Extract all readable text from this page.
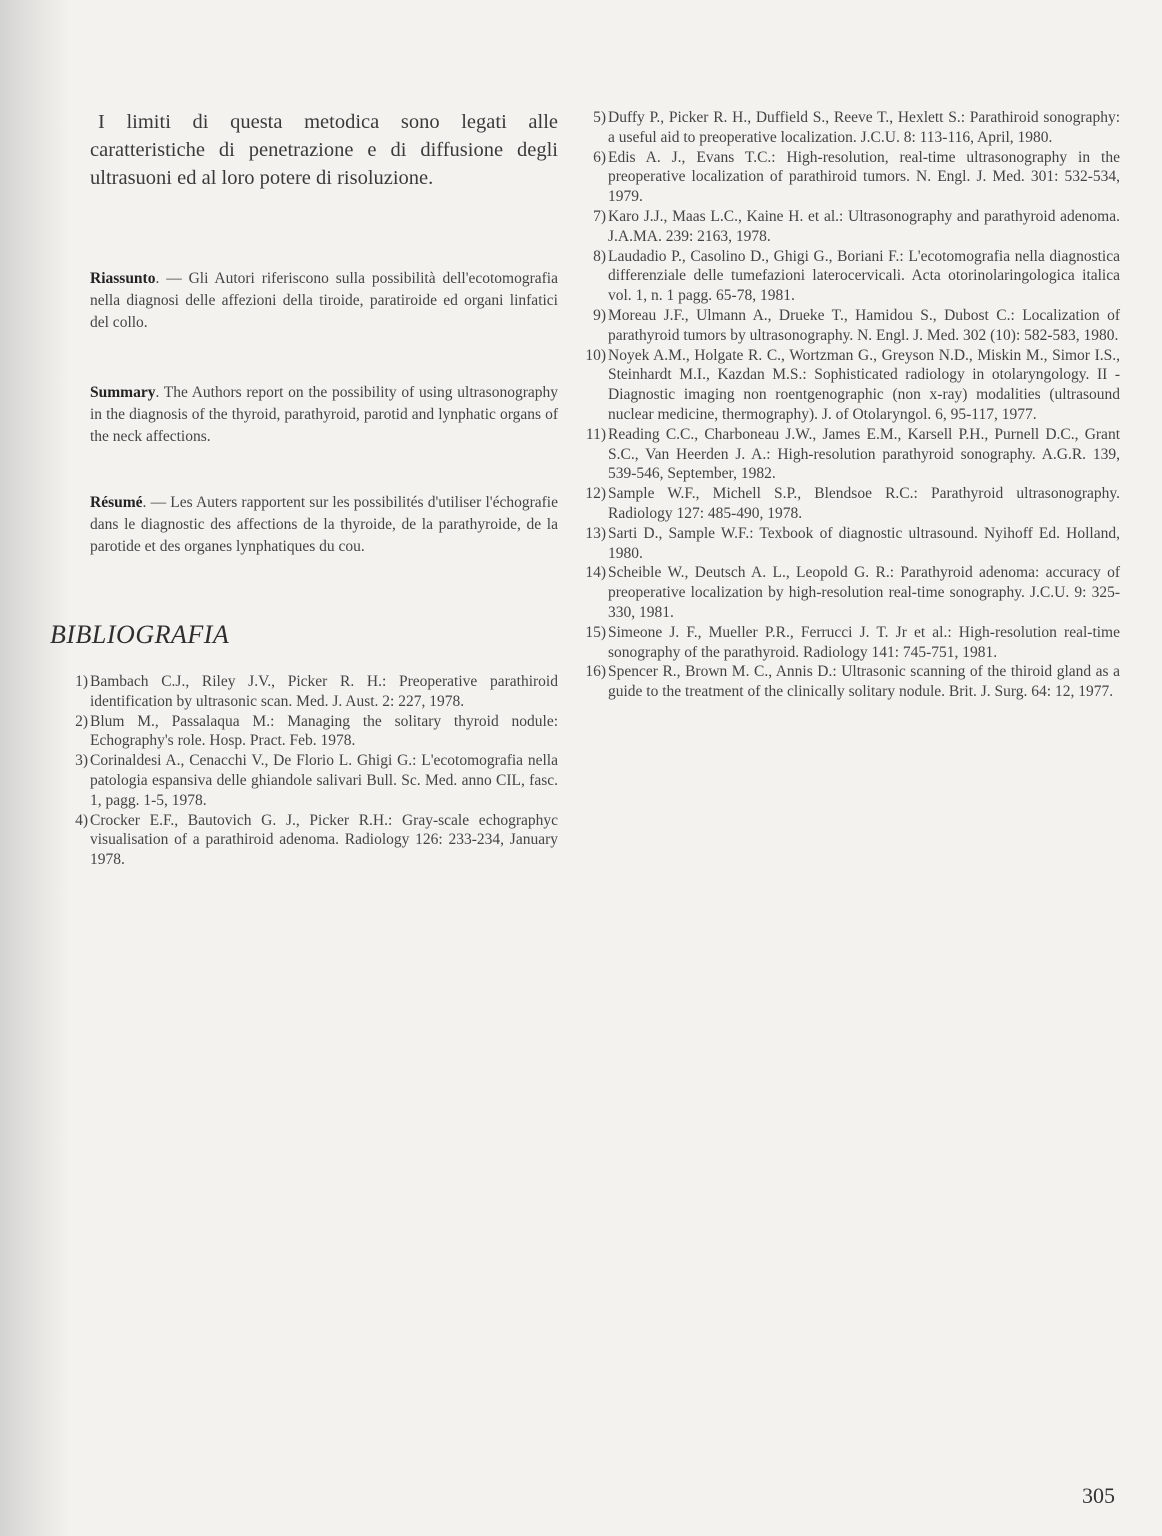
I limiti di questa metodica sono legati alle caratteristiche di penetrazione e di diffusione degli ultrasuoni ed al loro potere di risoluzione.

Riassunto. — Gli Autori riferiscono sulla possibilità dell'ecotomografia nella diagnosi delle affezioni della tiroide, paratiroide ed organi linfatici del collo.

Summary. The Authors report on the possibility of using ultrasonography in the diagnosis of the thyroid, parathyroid, parotid and lynphatic organs of the neck affections.

Résumé. — Les Auters rapportent sur les possibilités d'utiliser l'échografie dans le diagnostic des affections de la thyroide, de la parathyroide, de la parotide et des organes lynphatiques du cou.

BIBLIOGRAFIA
1) Bambach C.J., Riley J.V., Picker R. H.: Preoperative parathiroid identification by ultrasonic scan. Med. J. Aust. 2: 227, 1978.
2) Blum M., Passalaqua M.: Managing the solitary thyroid nodule: Echography's role. Hosp. Pract. Feb. 1978.
3) Corinaldesi A., Cenacchi V., De Florio L. Ghigi G.: L'ecotomografia nella patologia espansiva delle ghiandole salivari Bull. Sc. Med. anno CIL, fasc. 1, pagg. 1-5, 1978.
4) Crocker E.F., Bautovich G. J., Picker R.H.: Gray-scale echographyc visualisation of a parathiroid adenoma. Radiology 126: 233-234, January 1978.
5) Duffy P., Picker R. H., Duffield S., Reeve T., Hexlett S.: Parathiroid sonography: a useful aid to preoperative localization. J.C.U. 8: 113-116, April, 1980.
6) Edis A. J., Evans T.C.: High-resolution, real-time ultrasonography in the preoperative localization of parathiroid tumors. N. Engl. J. Med. 301: 532-534, 1979.
7) Karo J.J., Maas L.C., Kaine H. et al.: Ultrasonography and parathyroid adenoma. J.A.MA. 239: 2163, 1978.
8) Laudadio P., Casolino D., Ghigi G., Boriani F.: L'ecotomografia nella diagnostica differenziale delle tumefazioni laterocervicali. Acta otorinolaringologica italica vol. 1, n. 1 pagg. 65-78, 1981.
9) Moreau J.F., Ulmann A., Drueke T., Hamidou S., Dubost C.: Localization of parathyroid tumors by ultrasonography. N. Engl. J. Med. 302 (10): 582-583, 1980.
10) Noyek A.M., Holgate R. C., Wortzman G., Greyson N.D., Miskin M., Simor I.S., Steinhardt M.I., Kazdan M.S.: Sophisticated radiology in otolaryngology. II - Diagnostic imaging non roentgenographic (non x-ray) modalities (ultrasound nuclear medicine, thermography). J. of Otolaryngol. 6, 95-117, 1977.
11) Reading C.C., Charboneau J.W., James E.M., Karsell P.H., Purnell D.C., Grant S.C., Van Heerden J. A.: High-resolution parathyroid sonography. A.G.R. 139, 539-546, September, 1982.
12) Sample W.F., Michell S.P., Blendsoe R.C.: Parathyroid ultrasonography. Radiology 127: 485-490, 1978.
13) Sarti D., Sample W.F.: Texbook of diagnostic ultrasound. Nyihoff Ed. Holland, 1980.
14) Scheible W., Deutsch A. L., Leopold G. R.: Parathyroid adenoma: accuracy of preoperative localization by high-resolution real-time sonography. J.C.U. 9: 325-330, 1981.
15) Simeone J. F., Mueller P.R., Ferrucci J. T. Jr et al.: High-resolution real-time sonography of the parathyroid. Radiology 141: 745-751, 1981.
16) Spencer R., Brown M. C., Annis D.: Ultrasonic scanning of the thiroid gland as a guide to the treatment of the clinically solitary nodule. Brit. J. Surg. 64: 12, 1977.
305
